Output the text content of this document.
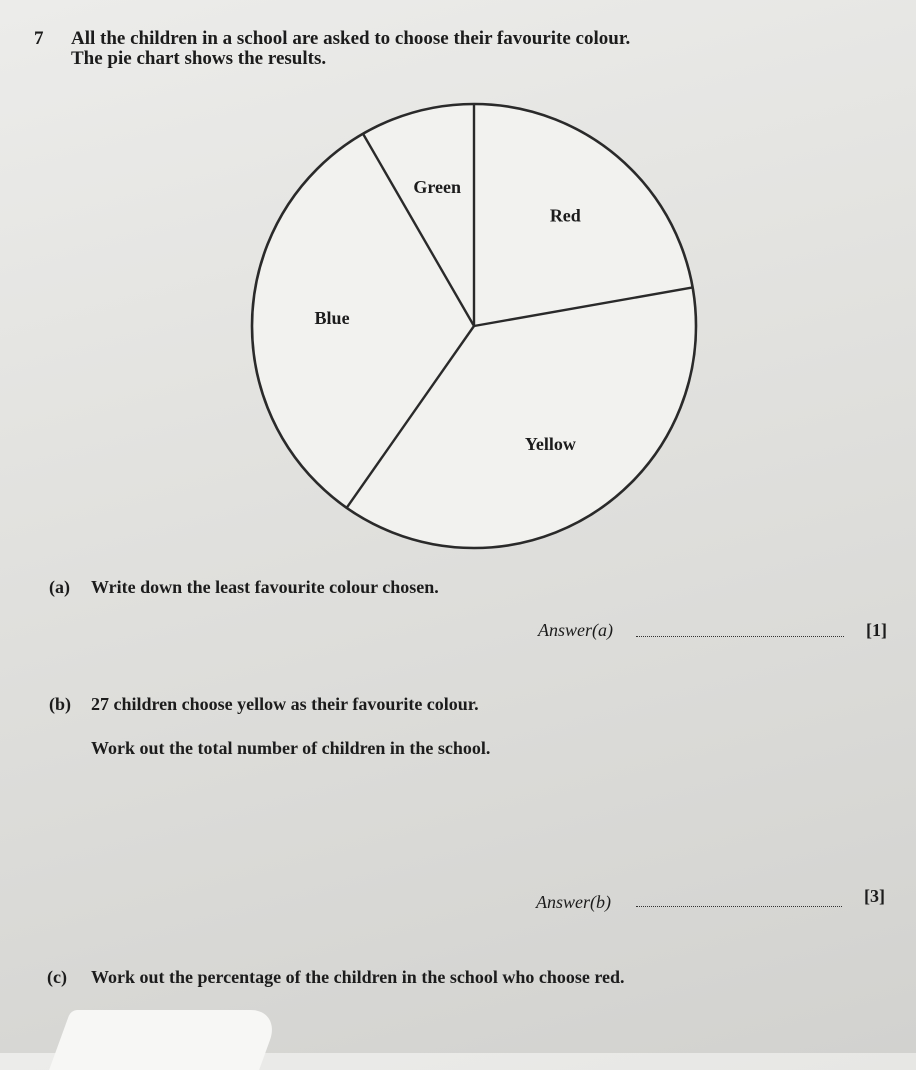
7 All the children in a school are asked to choose their favourite colour.
The pie chart shows the results.
Red
Yellow
Blue
Green
(a) Write down the least favourite colour chosen.
Answer(a)	[1]
(b) 27 children choose yellow as their favourite colour.
Work out the total number of children in the school.
Answer(b)	[3]
(c) Work out the percentage of the children in the school who choose red.
